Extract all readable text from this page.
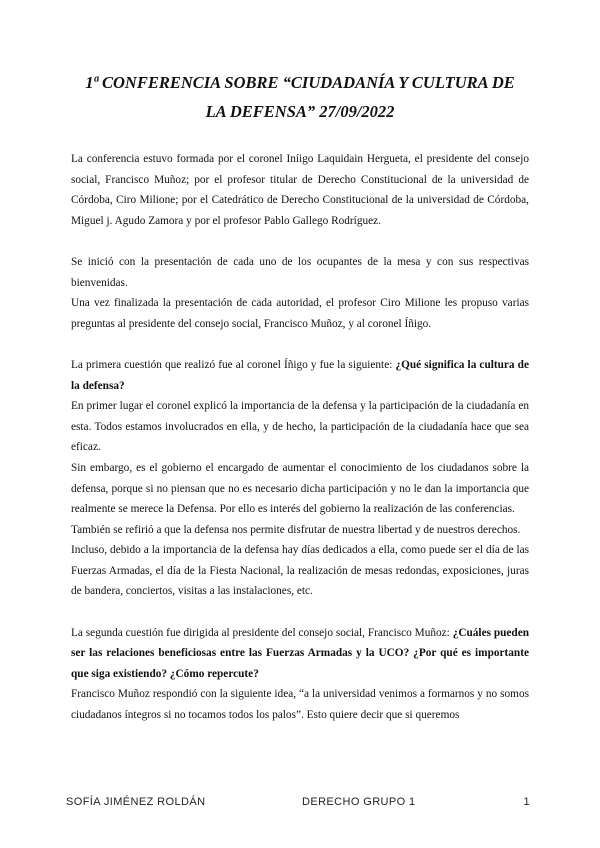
1ª CONFERENCIA SOBRE “CIUDADANÍA Y CULTURA DE
LA DEFENSA” 27/09/2022

La conferencia estuvo formada por el coronel Iníigo Laquidain Hergueta, el presidente del consejo social, Francisco Muñoz; por el profesor titular de Derecho Constitucional de la universidad de Córdoba, Ciro Milione; por el Catedrático de Derecho Constitucional de la universidad de Córdoba, Miguel j. Agudo Zamora y por el profesor Pablo Gallego Rodríguez.

Se inició con la presentación de cada uno de los ocupantes de la mesa y con sus respectivas bienvenidas.

Una vez finalizada la presentación de cada autoridad, el profesor Ciro Milione les propuso varias preguntas al presidente del consejo social, Francisco Muñoz, y al coronel Íñigo.

La primera cuestión que realizó fue al coronel Íñigo y fue la siguiente: ¿Qué significa la cultura de la defensa?

En primer lugar el coronel explicó la importancia de la defensa y la participación de la ciudadanía en esta. Todos estamos involucrados en ella, y de hecho, la participación de la ciudadanía hace que sea eficaz.

Sin embargo, es el gobierno el encargado de aumentar el conocimiento de los ciudadanos sobre la defensa, porque si no piensan que no es necesario dicha participación y no le dan la importancia que realmente se merece la Defensa. Por ello es interés del gobierno la realización de las conferencias.

También se refirió a que la defensa nos permite disfrutar de nuestra libertad y de nuestros derechos.

Incluso, debido a la importancia de la defensa hay días dedicados a ella, como puede ser el día de las Fuerzas Armadas, el día de la Fiesta Nacional, la realización de mesas redondas, exposiciones, juras de bandera, conciertos, visitas a las instalaciones, etc.

La segunda cuestión fue dirigida al presidente del consejo social, Francisco Muñoz: ¿Cuáles pueden ser las relaciones beneficiosas entre las Fuerzas Armadas y la UCO? ¿Por qué es importante que siga existiendo? ¿Cómo repercute?

Francisco Muñoz respondió con la siguiente idea, “a la universidad venimos a formarnos y no somos ciudadanos íntegros si no tocamos todos los palos”. Esto quiere decir que si queremos

SOFÍA JIMÉNEZ ROLDÁN	DERECHO GRUPO 1	1
